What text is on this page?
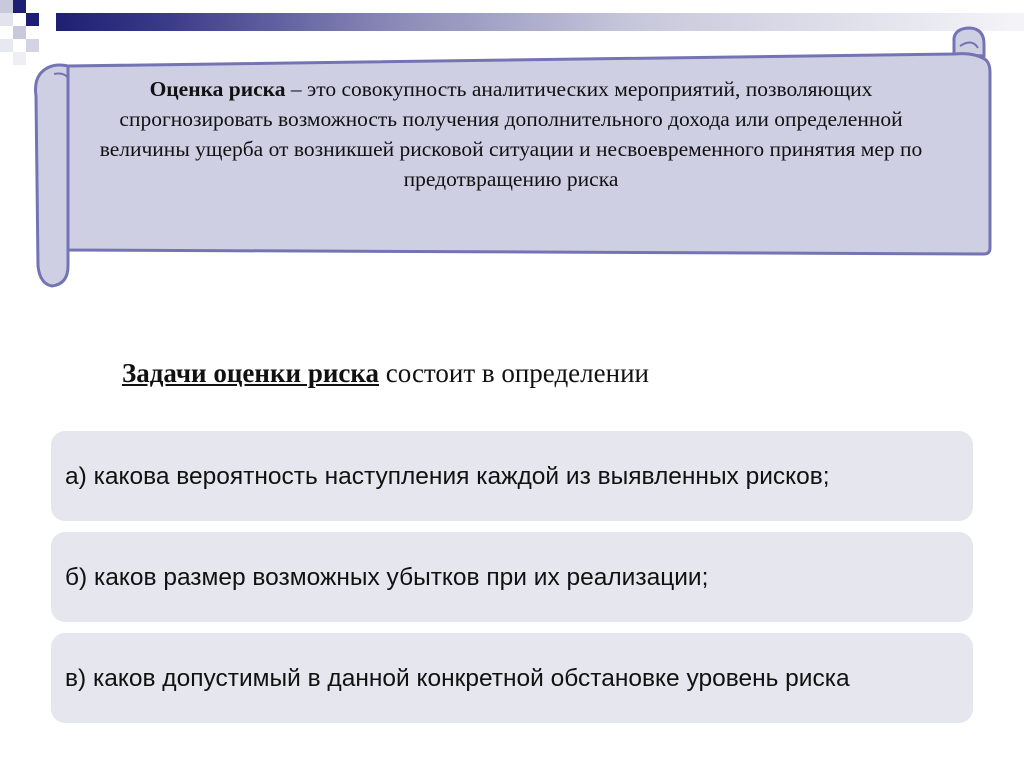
Оценка риска – это совокупность аналитических мероприятий, позволяющих спрогнозировать возможность получения дополнительного дохода или определенной величины ущерба от возникшей рисковой ситуации и несвоевременного принятия мер по предотвращению риска

Задачи оценки риска состоит в определении
а) какова вероятность наступления каждой из выявленных рисков;
б) каков размер возможных убытков при их реализации;
в) каков допустимый в данной конкретной обстановке уровень риска
